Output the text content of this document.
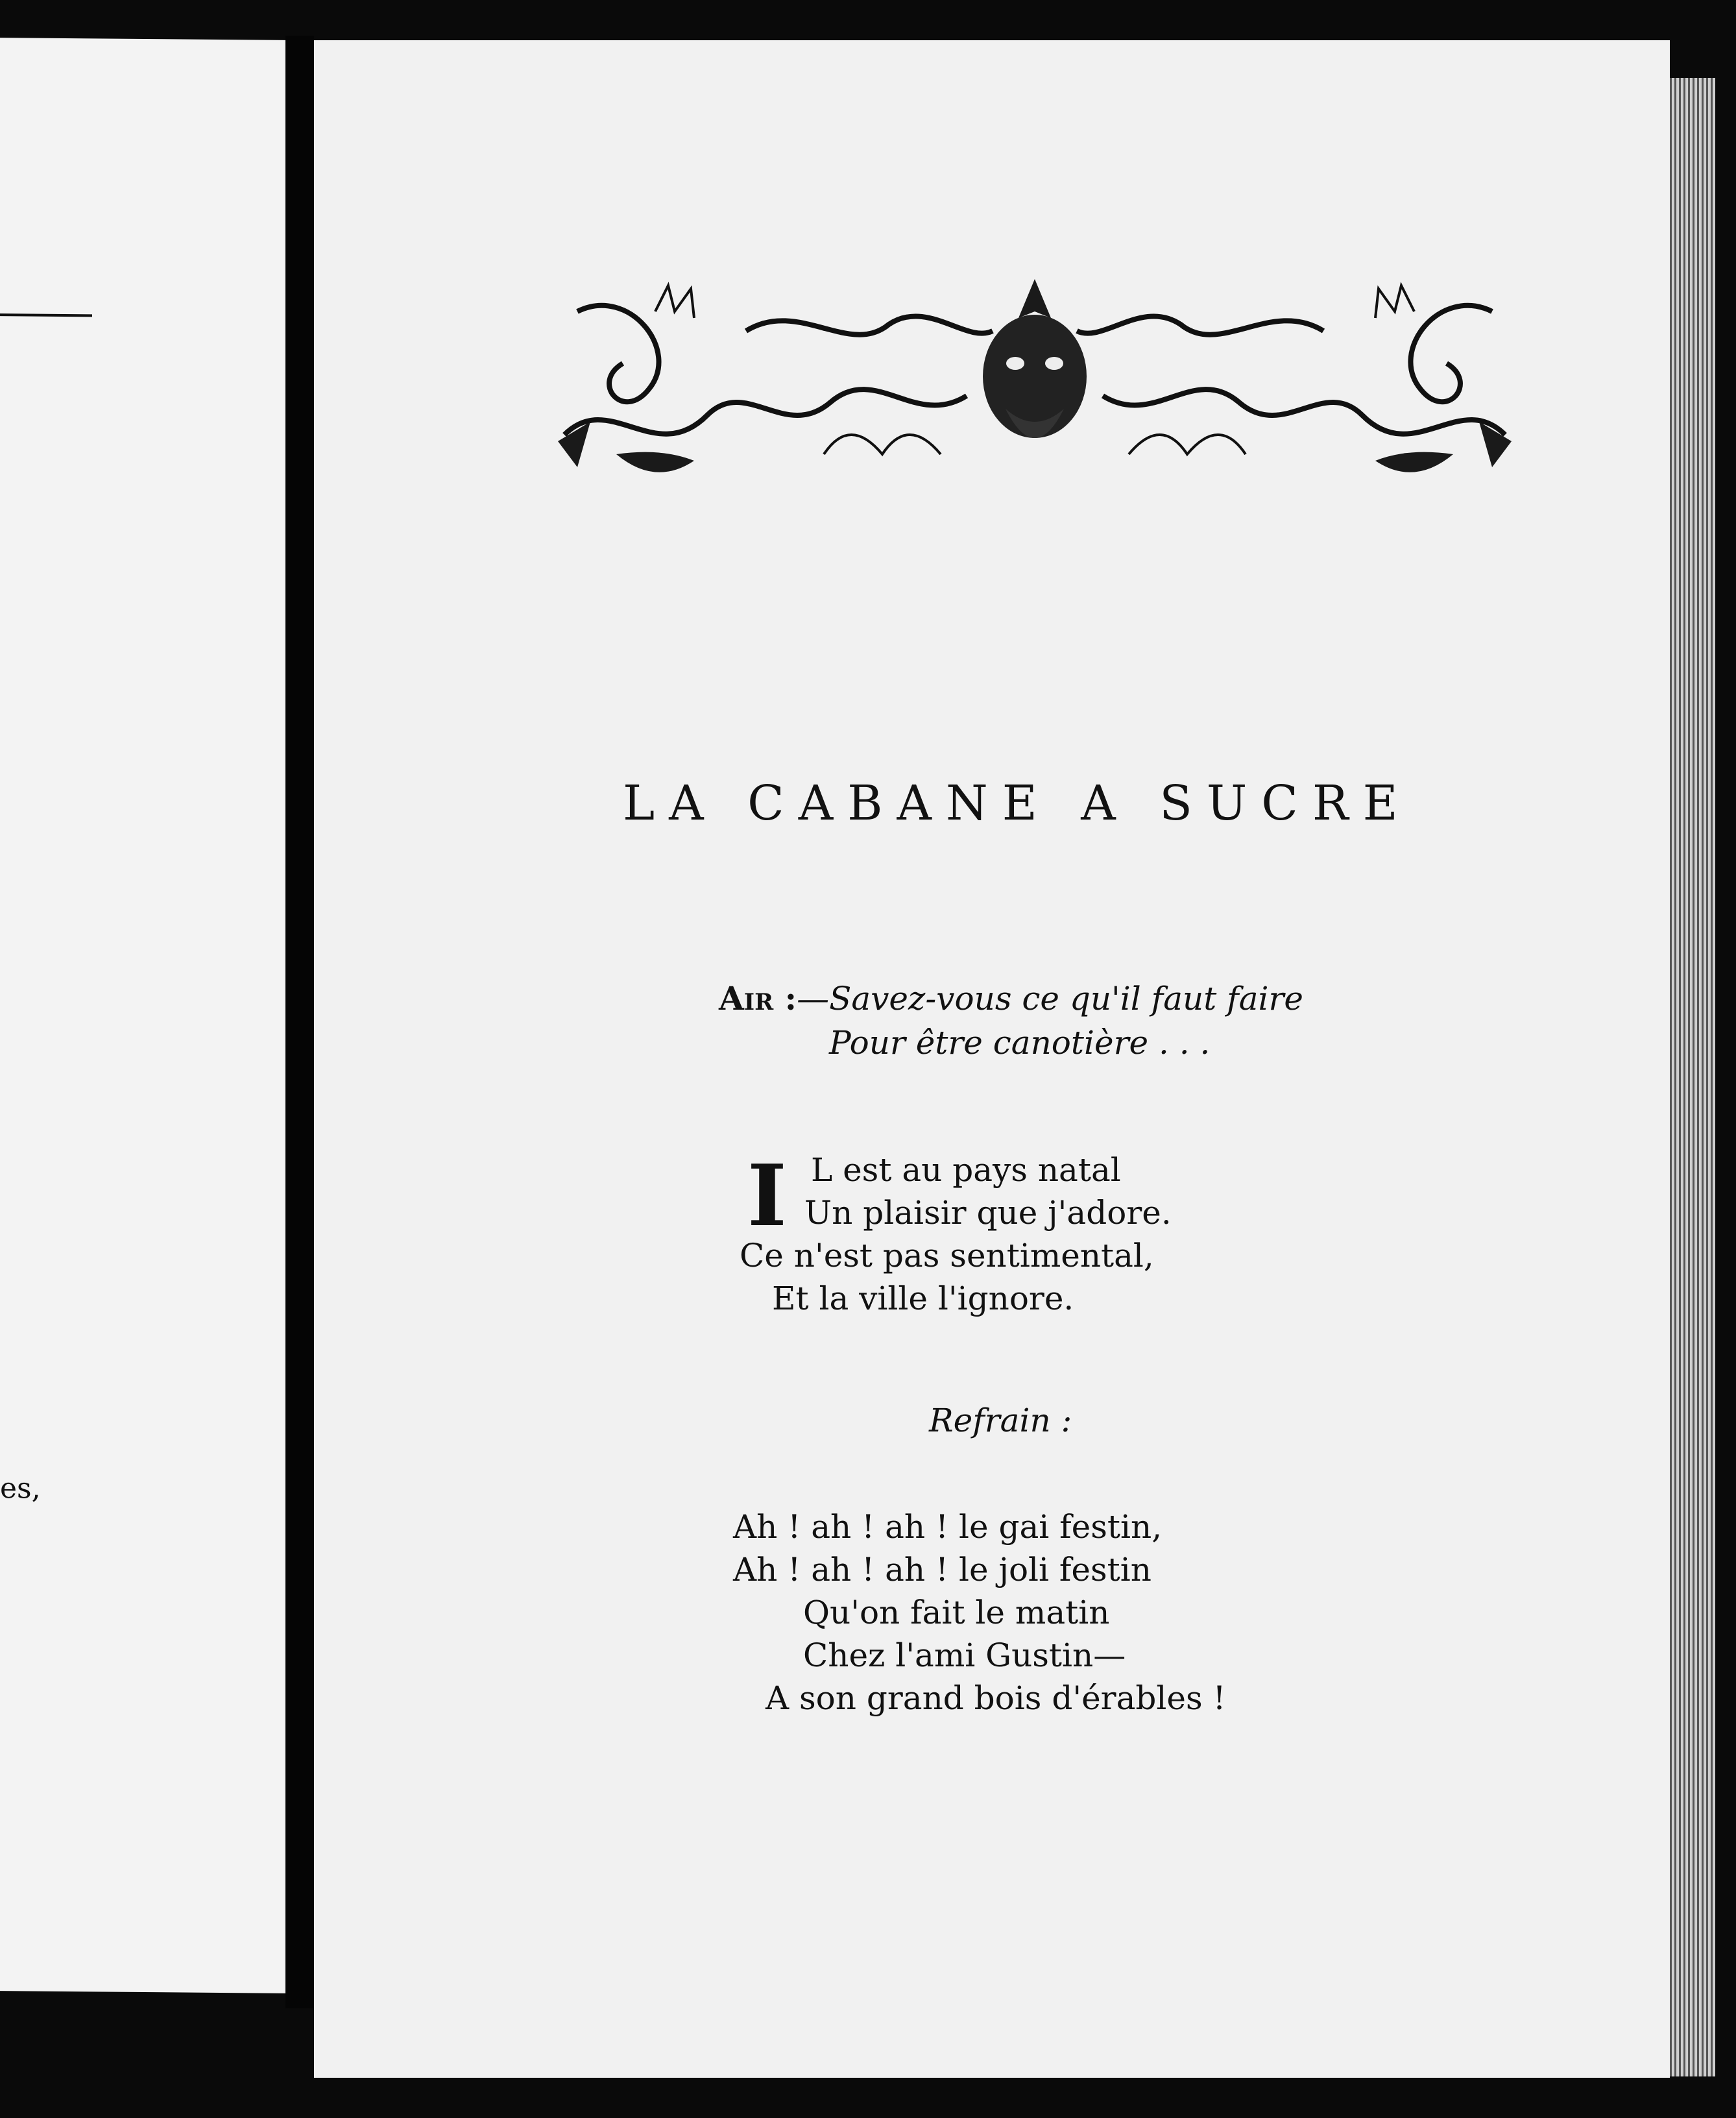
es,
LA CABANE A SUCRE
Air :—Savez-vous ce qu'il faut faire
Pour être canotière . . .
I L est au pays natal
Un plaisir que j'adore.
Ce n'est pas sentimental,
Et la ville l'ignore.
Refrain :
Ah ! ah ! ah ! le gai festin,
Ah ! ah ! ah ! le joli festin
Qu'on fait le matin
Chez l'ami Gustin—
A son grand bois d'érables !
